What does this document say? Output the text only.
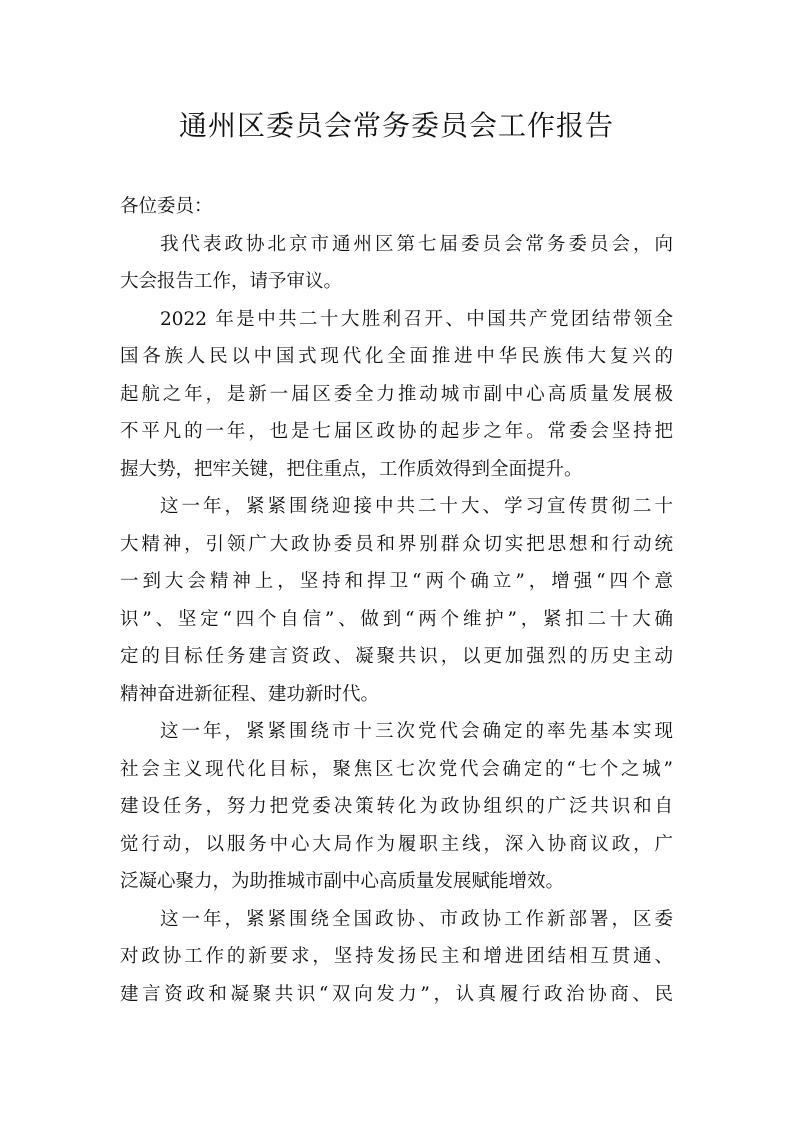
通州区委员会常务委员会工作报告
各位委员：
我代表政协北京市通州区第七届委员会常务委员会，向
大会报告工作，请予审议。
2022 年是中共二十大胜利召开、中国共产党团结带领全
国各族人民以中国式现代化全面推进中华民族伟大复兴的
起航之年，是新一届区委全力推动城市副中心高质量发展极
不平凡的一年，也是七届区政协的起步之年。常委会坚持把
握大势，把牢关键，把住重点，工作质效得到全面提升。
这一年，紧紧围绕迎接中共二十大、学习宣传贯彻二十
大精神，引领广大政协委员和界别群众切实把思想和行动统
一到大会精神上，坚持和捍卫“两个确立”，增强“四个意
识”、坚定“四个自信”、做到“两个维护”，紧扣二十大确
定的目标任务建言资政、凝聚共识，以更加强烈的历史主动
精神奋进新征程、建功新时代。
这一年，紧紧围绕市十三次党代会确定的率先基本实现
社会主义现代化目标，聚焦区七次党代会确定的“七个之城”
建设任务，努力把党委决策转化为政协组织的广泛共识和自
觉行动，以服务中心大局作为履职主线，深入协商议政，广
泛凝心聚力，为助推城市副中心高质量发展赋能增效。
这一年，紧紧围绕全国政协、市政协工作新部署，区委
对政协工作的新要求，坚持发扬民主和增进团结相互贯通、
建言资政和凝聚共识“双向发力”，认真履行政治协商、民
